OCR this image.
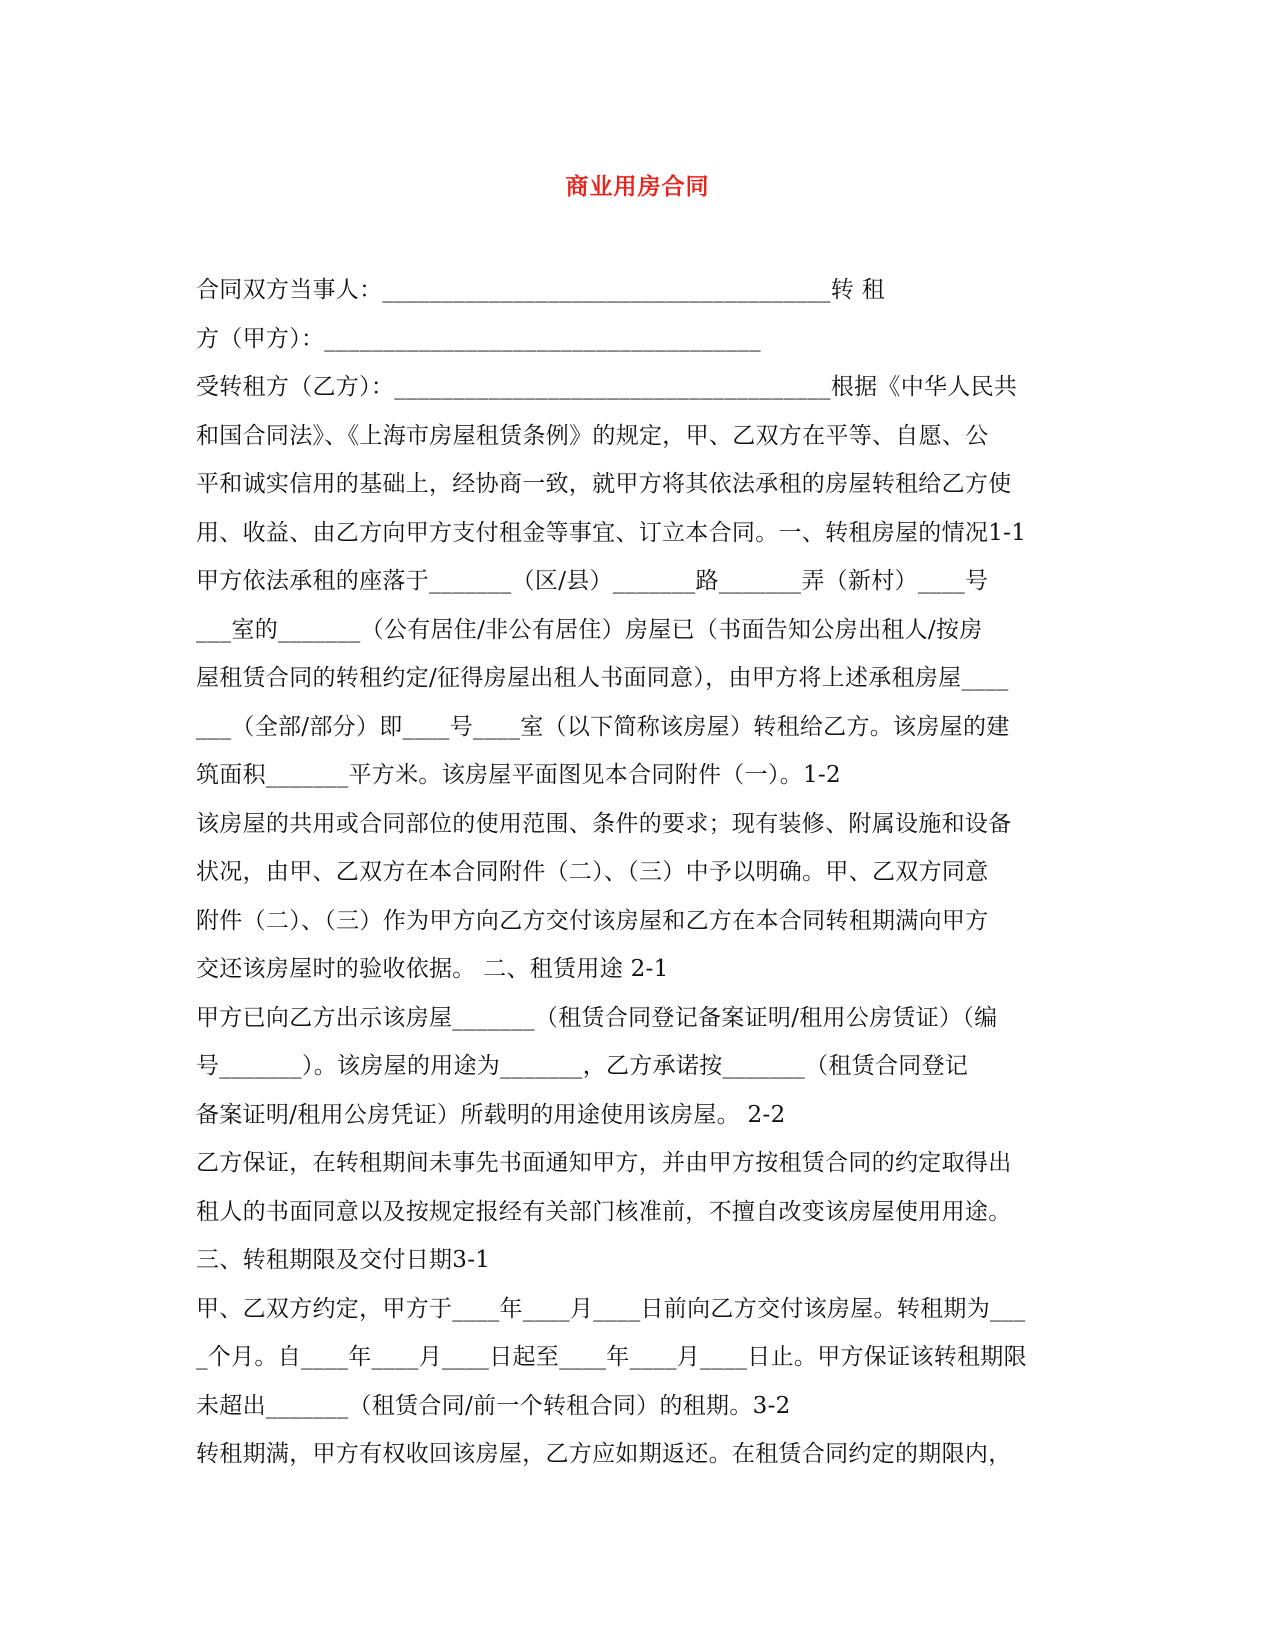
商业用房合同
合同双方当事人：______________________________________转 租
方（甲方）：_____________________________________
受转租方（乙方）：_____________________________________根据《中华人民共
和国合同法》、《上海市房屋租赁条例》的规定，甲、乙双方在平等、自愿、公
平和诚实信用的基础上，经协商一致，就甲方将其依法承租的房屋转租给乙方使
用、收益、由乙方向甲方支付租金等事宜、订立本合同。一、转租房屋的情况1-1
甲方依法承租的座落于_______（区/县）_______路_______弄（新村）____号
___室的_______（公有居住/非公有居住）房屋已（书面告知公房出租人/按房
屋租赁合同的转租约定/征得房屋出租人书面同意），由甲方将上述承租房屋____
___（全部/部分）即____号____室（以下简称该房屋）转租给乙方。该房屋的建
筑面积_______平方米。该房屋平面图见本合同附件（一）。1-2
该房屋的共用或合同部位的使用范围、条件的要求；现有装修、附属设施和设备
状况，由甲、乙双方在本合同附件（二）、（三）中予以明确。甲、乙双方同意
附件（二）、（三）作为甲方向乙方交付该房屋和乙方在本合同转租期满向甲方
交还该房屋时的验收依据。 二、租赁用途 2-1
甲方已向乙方出示该房屋_______（租赁合同登记备案证明/租用公房赁证）（编
号_______）。该房屋的用途为_______，乙方承诺按_______（租赁合同登记
备案证明/租用公房凭证）所载明的用途使用该房屋。 2-2
乙方保证，在转租期间未事先书面通知甲方，并由甲方按租赁合同的约定取得出
租人的书面同意以及按规定报经有关部门核准前，不擅自改变该房屋使用用途。
三、转租期限及交付日期3-1
甲、乙双方约定，甲方于____年____月____日前向乙方交付该房屋。转租期为___
_个月。自____年____月____日起至____年____月____日止。甲方保证该转租期限
未超出_______（租赁合同/前一个转租合同）的租期。3-2
转租期满，甲方有权收回该房屋，乙方应如期返还。在租赁合同约定的期限内，
